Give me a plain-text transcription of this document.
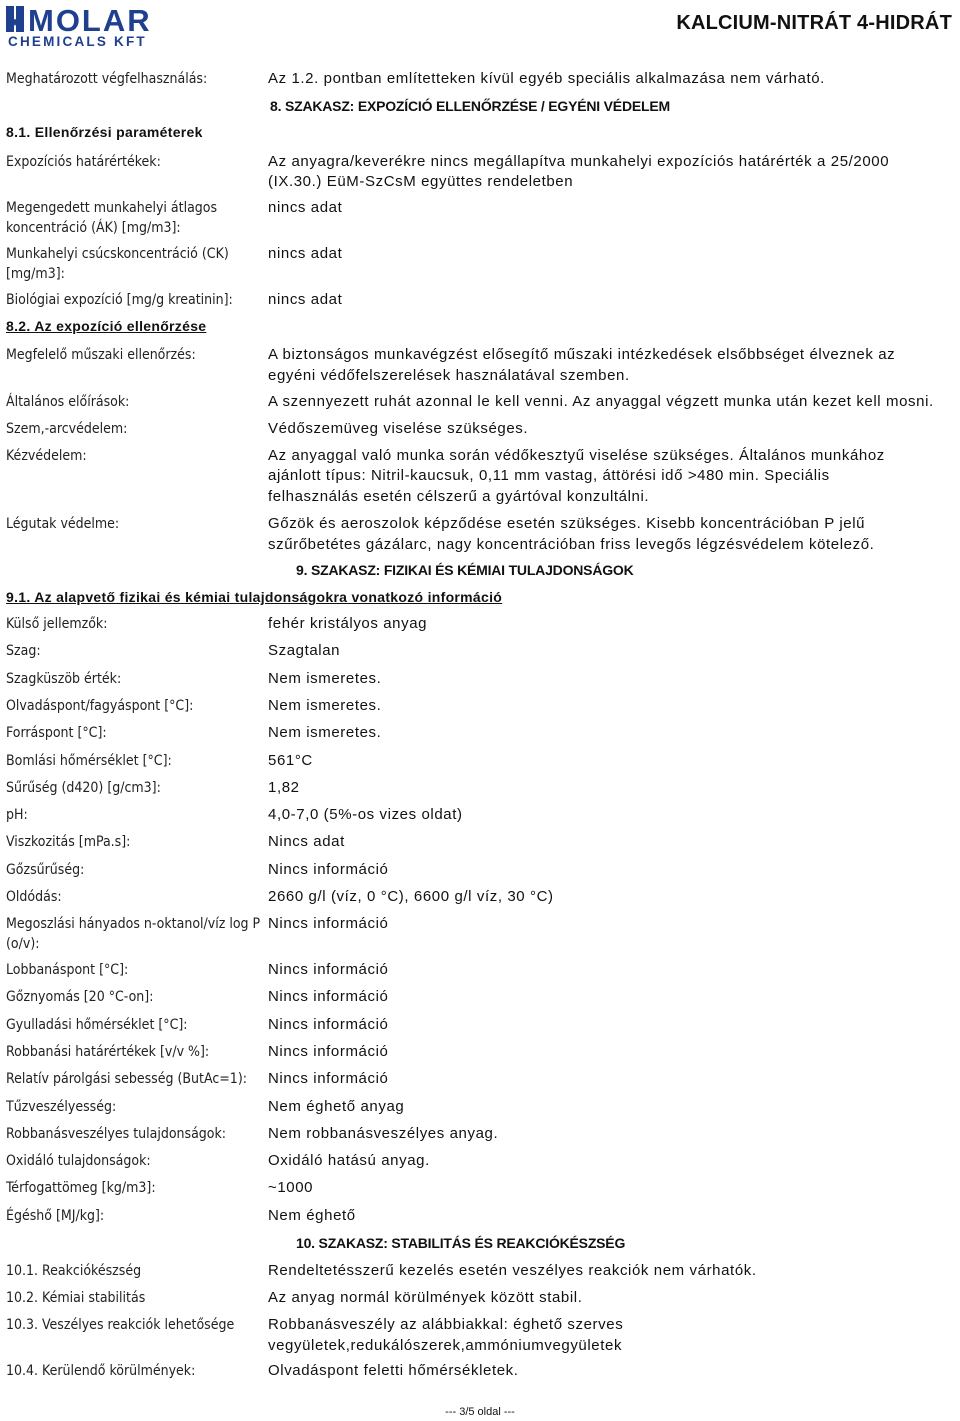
MOLAR
CHEMICALS KFT
KALCIUM-NITRÁT 4-HIDRÁT
Meghatározott végfelhasználás:	Az 1.2. pontban említetteken kívül egyéb speciális alkalmazása nem várható.
8. SZAKASZ: EXPOZÍCIÓ ELLENŐRZÉSE / EGYÉNI VÉDELEM
8.1. Ellenőrzési paraméterek
Expozíciós határértékek:	Az anyagra/keverékre nincs megállapítva munkahelyi expozíciós határérték a 25/2000
(IX.30.) EüM-SzCsM együttes rendeletben
Megengedett munkahelyi átlagos
koncentráció (ÁK) [mg/m3]:
nincs adat
Munkahelyi csúcskoncentráció (CK)
[mg/m3]:
nincs adat
Biológiai expozíció [mg/g kreatinin]:	nincs adat
8.2. Az expozíció ellenőrzése
Megfelelő műszaki ellenőrzés:	A biztonságos munkavégzést elősegítő műszaki intézkedések elsőbbséget élveznek az
egyéni védőfelszerelések használatával szemben.
Általános előírások:	A szennyezett ruhát azonnal le kell venni. Az anyaggal végzett munka után kezet kell mosni.
Szem,-arcvédelem:	Védőszemüveg viselése szükséges.
Kézvédelem:	Az anyaggal való munka során védőkesztyű viselése szükséges. Általános munkához
ajánlott típus: Nitril-kaucsuk, 0,11 mm vastag, áttörési idő >480 min. Speciális
felhasználás esetén célszerű a gyártóval konzultálni.
Légutak védelme:	Gőzök és aeroszolok képződése esetén szükséges. Kisebb koncentrációban P jelű
szűrőbetétes gázálarc, nagy koncentrációban friss levegős légzésvédelem kötelező.
9. SZAKASZ: FIZIKAI ÉS KÉMIAI TULAJDONSÁGOK
9.1. Az alapvető fizikai és kémiai tulajdonságokra vonatkozó információ
Külső jellemzők:	fehér kristályos anyag
Szag:	Szagtalan
Szagküszöb érték:	Nem ismeretes.
Olvadáspont/fagyáspont [°C]:	Nem ismeretes.
Forráspont [°C]:	Nem ismeretes.
Bomlási hőmérséklet [°C]:	561°C
Sűrűség (d420) [g/cm3]:	1,82
pH:	4,0-7,0 (5%-os vizes oldat)
Viszkozitás [mPa.s]:	Nincs adat
Gőzsűrűség:	Nincs információ
Oldódás:	2660 g/l (víz, 0 °C), 6600 g/l víz, 30 °C)
Megoszlási hányados n-oktanol/víz log P
(o/v):
Nincs információ
Lobbanáspont [°C]:	Nincs információ
Gőznyomás [20 °C-on]:	Nincs információ
Gyulladási hőmérséklet [°C]:	Nincs információ
Robbanási határértékek [v/v %]:	Nincs információ
Relatív párolgási sebesség (ButAc=1):	Nincs információ
Tűzveszélyesség:	Nem éghető anyag
Robbanásveszélyes tulajdonságok:	Nem robbanásveszélyes anyag.
Oxidáló tulajdonságok:	Oxidáló hatású anyag.
Térfogattömeg [kg/m3]:	~1000
Égéshő [MJ/kg]:	Nem éghető
10. SZAKASZ: STABILITÁS ÉS REAKCIÓKÉSZSÉG
10.1. Reakciókészség	Rendeltetésszerű kezelés esetén veszélyes reakciók nem várhatók.
10.2. Kémiai stabilitás	Az anyag normál körülmények között stabil.
10.3. Veszélyes reakciók lehetősége	Robbanásveszély az alábbiakkal: éghető szerves
vegyületek,redukálószerek,ammóniumvegyületek
10.4. Kerülendő körülmények:	Olvadáspont feletti hőmérsékletek.
--- 3/5 oldal ---
